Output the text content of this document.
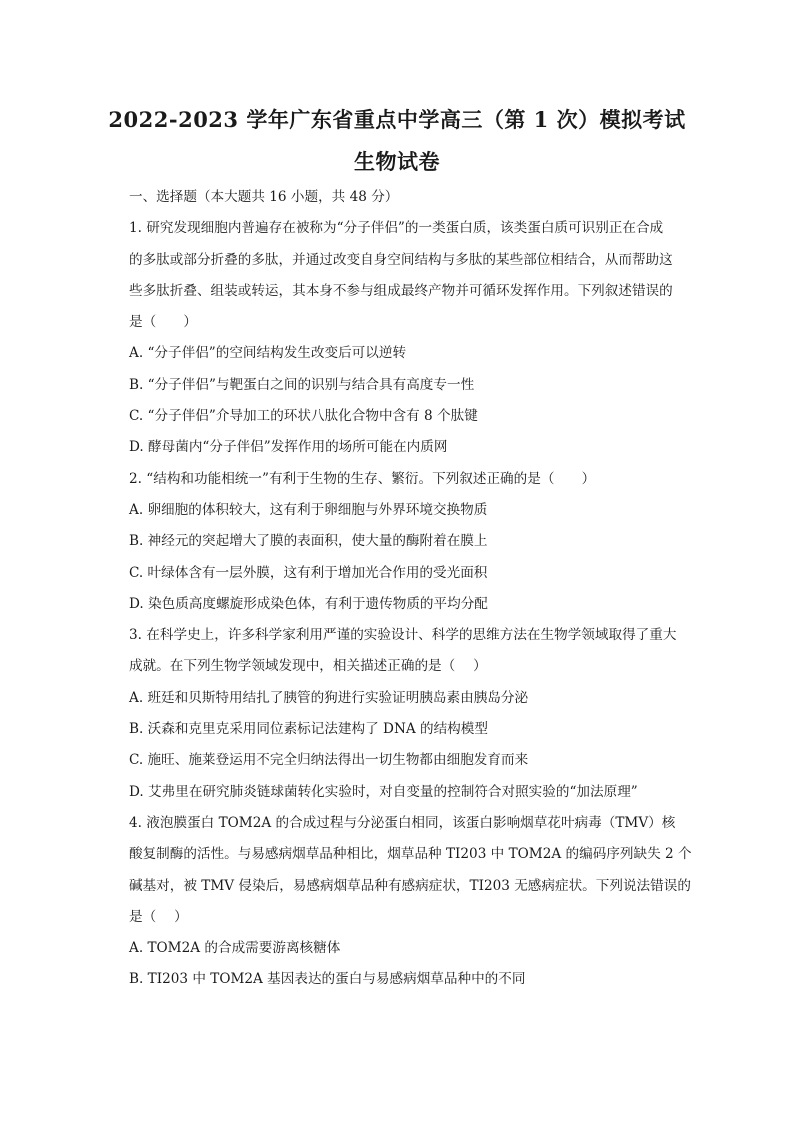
2022-2023 学年广东省重点中学高三（第 1 次）模拟考试
生物试卷

一、选择题（本大题共 16 小题，共 48 分）

1. 研究发现细胞内普遍存在被称为“分子伴侣”的一类蛋白质，该类蛋白质可识别正在合成

的多肽或部分折叠的多肽，并通过改变自身空间结构与多肽的某些部位相结合，从而帮助这

些多肽折叠、组装或转运，其本身不参与组成最终产物并可循环发挥作用。下列叙述错误的

是（　　）

A. “分子伴侣”的空间结构发生改变后可以逆转

B. “分子伴侣”与靶蛋白之间的识别与结合具有高度专一性

C. “分子伴侣”介导加工的环状八肽化合物中含有 8 个肽键

D. 酵母菌内“分子伴侣”发挥作用的场所可能在内质网

2. “结构和功能相统一”有利于生物的生存、繁衍。下列叙述正确的是（　　）

A. 卵细胞的体积较大，这有利于卵细胞与外界环境交换物质

B. 神经元的突起增大了膜的表面积，使大量的酶附着在膜上

C. 叶绿体含有一层外膜，这有利于增加光合作用的受光面积

D. 染色质高度螺旋形成染色体，有利于遗传物质的平均分配

3. 在科学史上，许多科学家利用严谨的实验设计、科学的思维方法在生物学领域取得了重大

成就。在下列生物学领域发现中，相关描述正确的是（　 ）

A. 班廷和贝斯特用结扎了胰管的狗进行实验证明胰岛素由胰岛分泌

B. 沃森和克里克采用同位素标记法建构了 DNA 的结构模型

C. 施旺、施莱登运用不完全归纳法得出一切生物都由细胞发育而来

D. 艾弗里在研究肺炎链球菌转化实验时，对自变量的控制符合对照实验的“加法原理”

4. 液泡膜蛋白 TOM2A 的合成过程与分泌蛋白相同，该蛋白影响烟草花叶病毒（TMV）核

酸复制酶的活性。与易感病烟草品种相比，烟草品种 TI203 中 TOM2A 的编码序列缺失 2 个

碱基对，被 TMV 侵染后，易感病烟草品种有感病症状，TI203 无感病症状。下列说法错误的

是（　 ）

A. TOM2A 的合成需要游离核糖体

B. TI203 中 TOM2A 基因表达的蛋白与易感病烟草品种中的不同
